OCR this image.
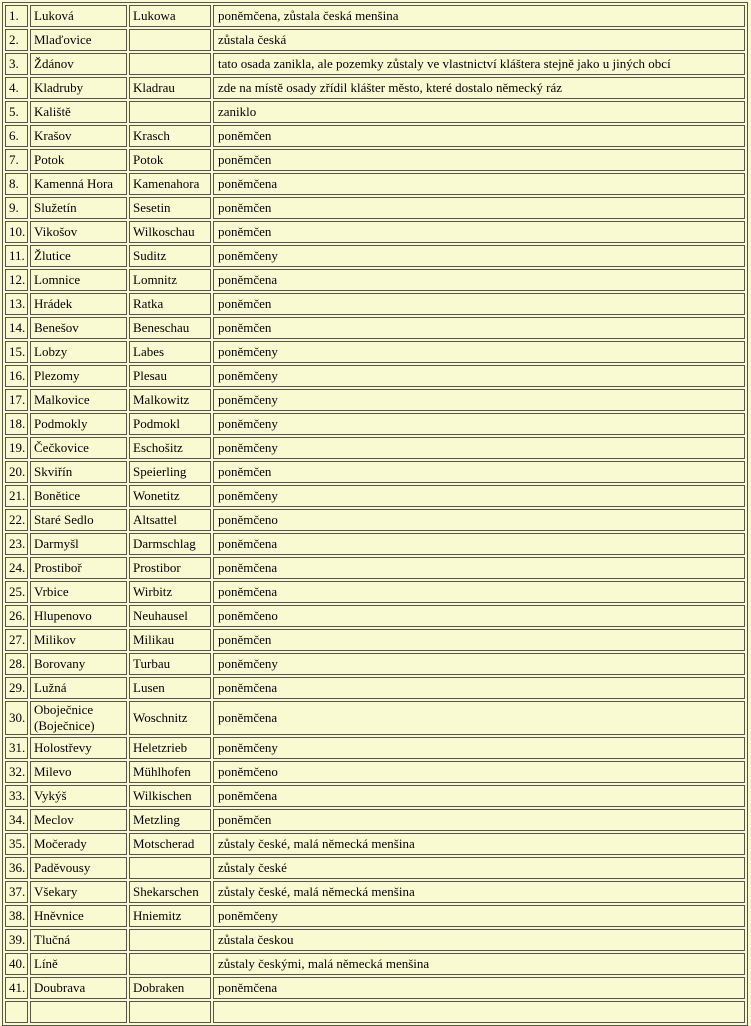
1.	Luková	Lukowa	poněmčena, zůstala česká menšina
2.	Mlaďovice		zůstala česká
3.	Ždánov		tato osada zanikla, ale pozemky zůstaly ve vlastnictví kláštera stejně jako u jiných obcí
4.	Kladruby	Kladrau	zde na místě osady zřídil klášter město, které dostalo německý ráz
5.	Kaliště		zaniklo
6.	Krašov	Krasch	poněmčen
7.	Potok	Potok	poněmčen
8.	Kamenná Hora	Kamenahora	poněmčena
9.	Služetín	Sesetin	poněmčen
10.	Vikošov	Wilkoschau	poněmčen
11.	Žlutice	Suditz	poněmčeny
12.	Lomnice	Lomnitz	poněmčena
13.	Hrádek	Ratka	poněmčen
14.	Benešov	Beneschau	poněmčen
15.	Lobzy	Labes	poněmčeny
16.	Plezomy	Plesau	poněmčeny
17.	Malkovice	Malkowitz	poněmčeny
18.	Podmokly	Podmokl	poněmčeny
19.	Čečkovice	Eschošitz	poněmčeny
20.	Skviřín	Speierling	poněmčen
21.	Bonětice	Wonetitz	poněmčeny
22.	Staré Sedlo	Altsattel	poněmčeno
23.	Darmyšl	Darmschlag	poněmčena
24.	Prostiboř	Prostibor	poněmčena
25.	Vrbice	Wirbitz	poněmčena
26.	Hlupenovo	Neuhausel	poněmčeno
27.	Milikov	Milikau	poněmčen
28.	Borovany	Turbau	poněmčeny
29.	Lužná	Lusen	poněmčena
30.	Oboječnice (Boječnice)	Woschnitz	poněmčena
31.	Holostřevy	Heletzrieb	poněmčeny
32.	Milevo	Mühlhofen	poněmčeno
33.	Vykýš	Wilkischen	poněmčena
34.	Meclov	Metzling	poněmčen
35.	Močerady	Motscherad	zůstaly české, malá německá menšina
36.	Paděvousy		zůstaly české
37.	Všekary	Shekarschen	zůstaly české, malá německá menšina
38.	Hněvnice	Hniemitz	poněmčeny
39.	Tlučná		zůstala českou
40.	Líně		zůstaly českými, malá německá menšina
41.	Doubrava	Dobraken	poněmčena
